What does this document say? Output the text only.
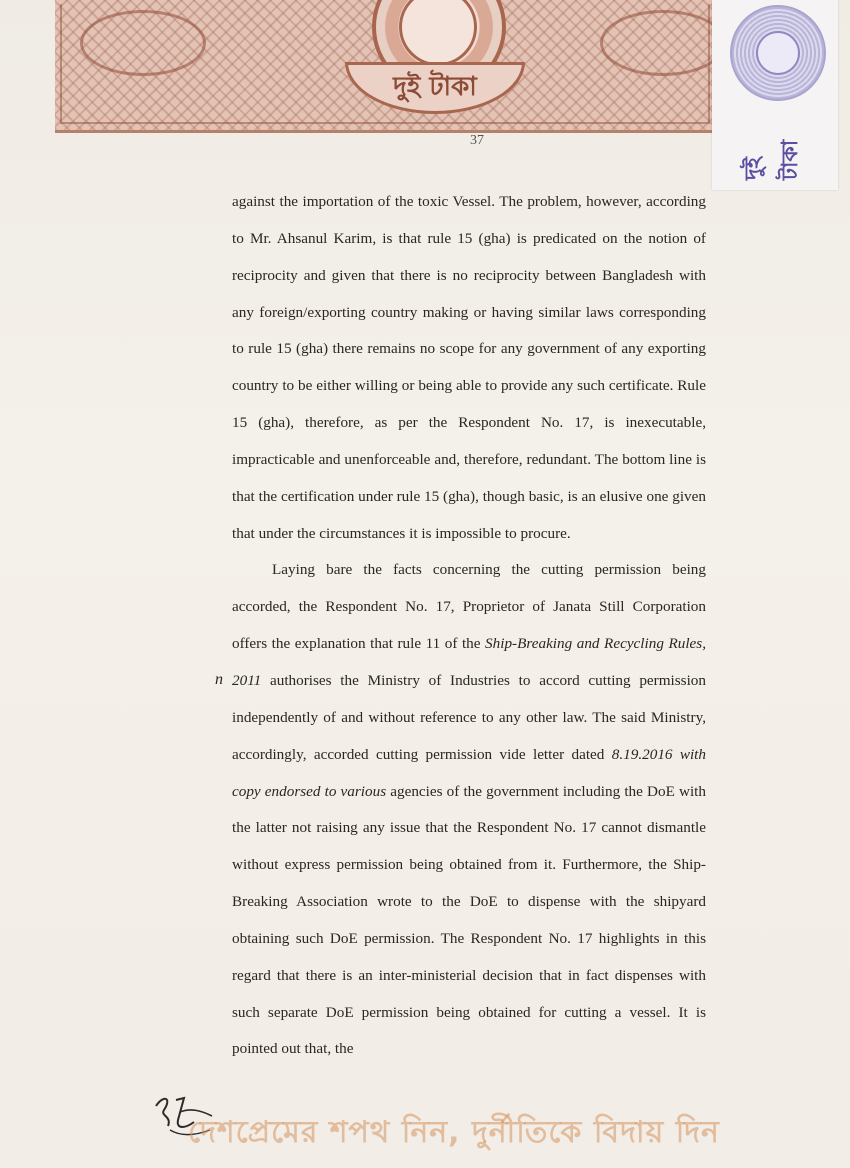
দুই টাকা
দুই টাকা
37
n

against the importation of the toxic Vessel. The problem, however, according to Mr. Ahsanul Karim, is that rule 15 (gha) is predicated on the notion of reciprocity and given that there is no reciprocity between Bangladesh with any foreign/exporting country making or having similar laws corresponding to rule 15 (gha) there remains no scope for any government of any exporting country to be either willing or being able to provide any such certificate. Rule 15 (gha), therefore, as per the Respondent No. 17, is inexecutable, impracticable and unenforceable and, therefore, redundant. The bottom line is that the certification under rule 15 (gha), though basic, is an elusive one given that under the circumstances it is impossible to procure.

Laying bare the facts concerning the cutting permission being accorded, the Respondent No. 17, Proprietor of Janata Still Corporation offers the explanation that rule 11 of the Ship-Breaking and Recycling Rules, 2011 authorises the Ministry of Industries to accord cutting permission independently of and without reference to any other law. The said Ministry, accordingly, accorded cutting permission vide letter dated 8.19.2016 with copy endorsed to various agencies of the government including the DoE with the latter not raising any issue that the Respondent No. 17 cannot dismantle without express permission being obtained from it. Furthermore, the Ship-Breaking Association wrote to the DoE to dispense with the shipyard obtaining such DoE permission. The Respondent No. 17 highlights in this regard that there is an inter-ministerial decision that in fact dispenses with such separate DoE permission being obtained for cutting a vessel. It is pointed out that, the

দেশপ্রেমের শপথ নিন, দুর্নীতিকে বিদায় দিন
